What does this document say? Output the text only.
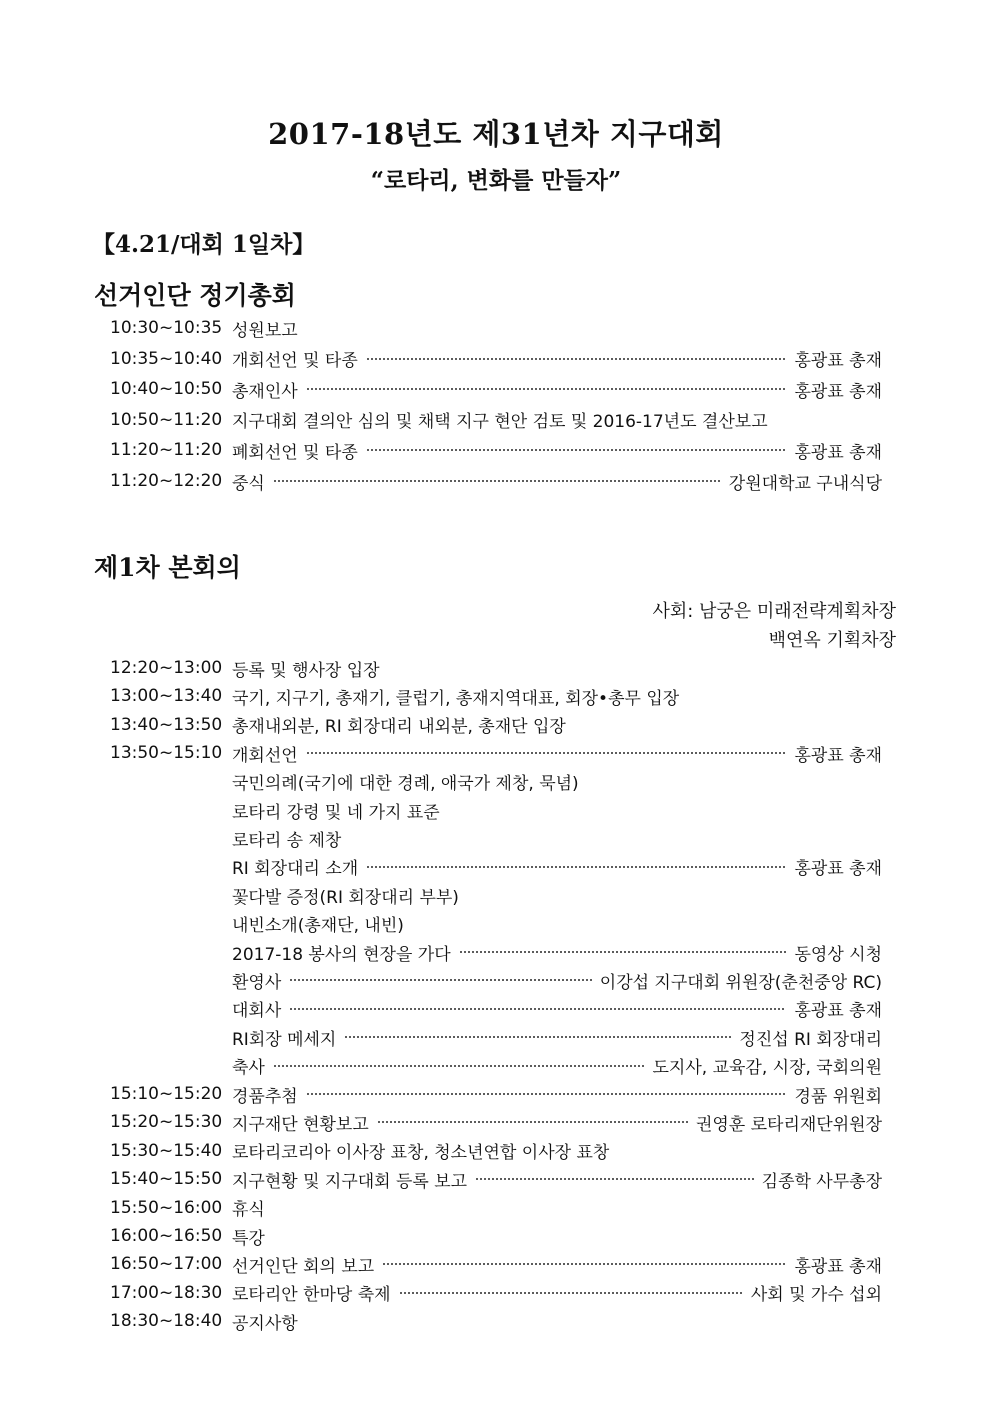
2017-18년도 제31년차 지구대회
“로타리, 변화를 만들자”
【4.21/대회 1일차】
선거인단 정기총회
10:30~10:35 성원보고
10:35~10:40 개회선언 및 타종	홍광표 총재
10:40~10:50 총재인사	홍광표 총재
10:50~11:20 지구대회 결의안 심의 및 채택 지구 현안 검토 및 2016-17년도 결산보고
11:20~11:20 폐회선언 및 타종	홍광표 총재
11:20~12:20 중식	강원대학교 구내식당
제1차 본회의
사회: 남궁은 미래전략계획차장
백연옥 기획차장
12:20~13:00 등록 및 행사장 입장
13:00~13:40 국기, 지구기, 총재기, 클럽기, 총재지역대표, 회장•총무 입장
13:40~13:50 총재내외분, RI 회장대리 내외분, 총재단 입장
13:50~15:10 개회선언	홍광표 총재
국민의례(국기에 대한 경례, 애국가 제창, 묵념)
로타리 강령 및 네 가지 표준
로타리 송 제창
RI 회장대리 소개	홍광표 총재
꽃다발 증정(RI 회장대리 부부)
내빈소개(총재단, 내빈)
2017-18 봉사의 현장을 가다	동영상 시청
환영사	이강섭 지구대회 위원장(춘천중앙 RC)
대회사	홍광표 총재
RI회장 메세지	정진섭 RI 회장대리
축사	도지사, 교육감, 시장, 국회의원
15:10~15:20 경품추첨	경품 위원회
15:20~15:30 지구재단 현황보고	권영훈 로타리재단위원장
15:30~15:40 로타리코리아 이사장 표창, 청소년연합 이사장 표창
15:40~15:50 지구현황 및 지구대회 등록 보고	김종학 사무총장
15:50~16:00 휴식
16:00~16:50 특강
16:50~17:00 선거인단 회의 보고	홍광표 총재
17:00~18:30 로타리안 한마당 축제	사회 및 가수 섭외
18:30~18:40 공지사항
